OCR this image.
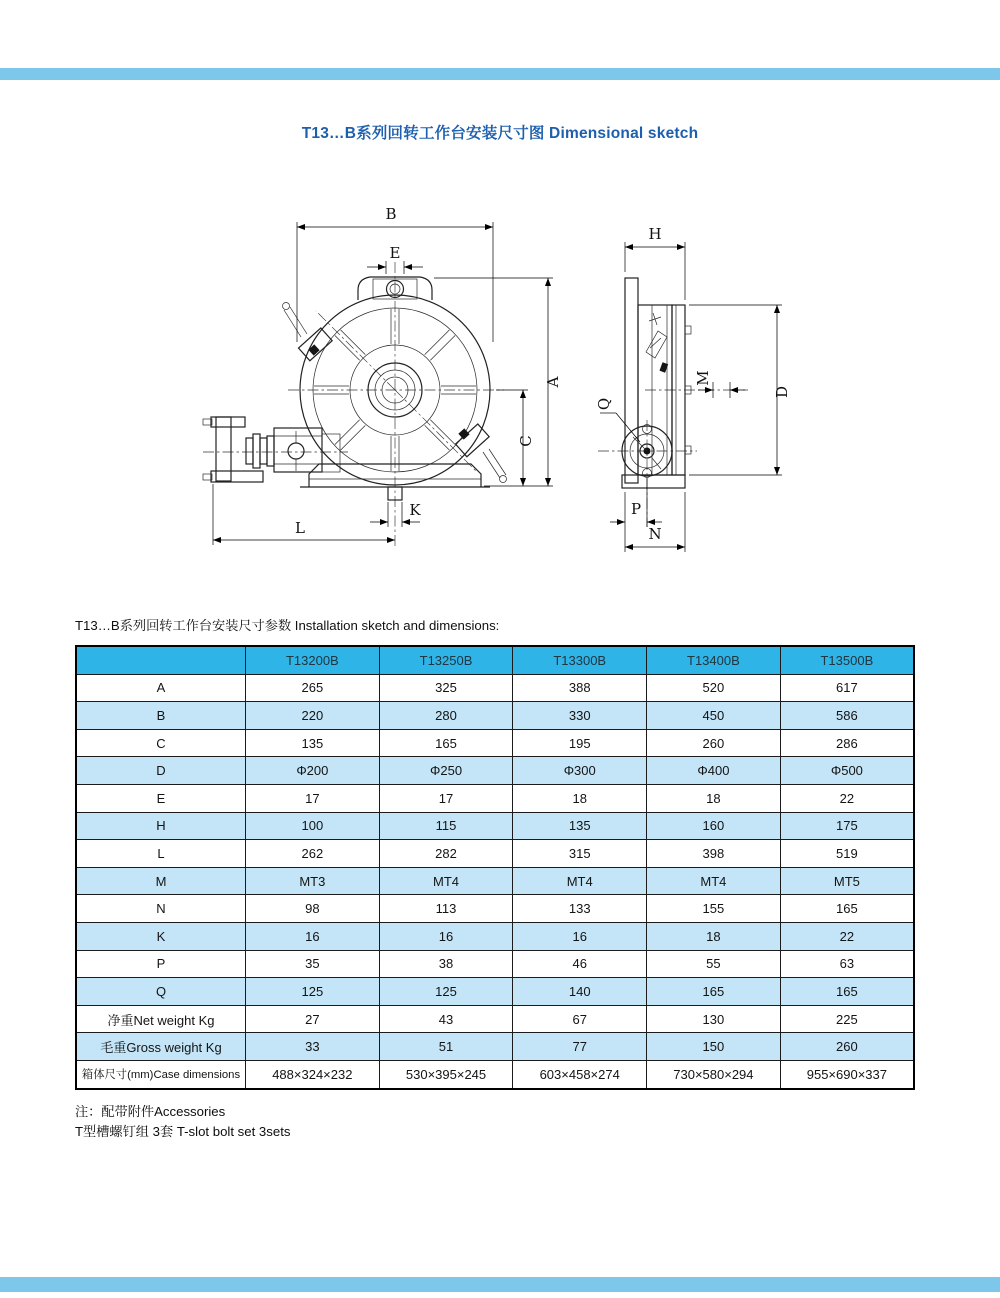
T13…B系列回转工作台安装尺寸图 Dimensional sketch
B
E
A
C
K
L
H
D
M
Q
P
N
T13…B系列回转工作台安装尺寸参数 Installation sketch and dimensions:
	T13200B	T13250B	T13300B	T13400B	T13500B
A	265	325	388	520	617
B	220	280	330	450	586
C	135	165	195	260	286
D	Φ200	Φ250	Φ300	Φ400	Φ500
E	17	17	18	18	22
H	100	115	135	160	175
L	262	282	315	398	519
M	MT3	MT4	MT4	MT4	MT5
N	98	113	133	155	165
K	16	16	16	18	22
P	35	38	46	55	63
Q	125	125	140	165	165
净重Net weight Kg	27	43	67	130	225
毛重Gross weight Kg	33	51	77	150	260
箱体尺寸(mm)Case dimensions	488×324×232	530×395×245	603×458×274	730×580×294	955×690×337
注：配带附件Accessories
T型槽螺钉组 3套 T-slot bolt set 3sets
